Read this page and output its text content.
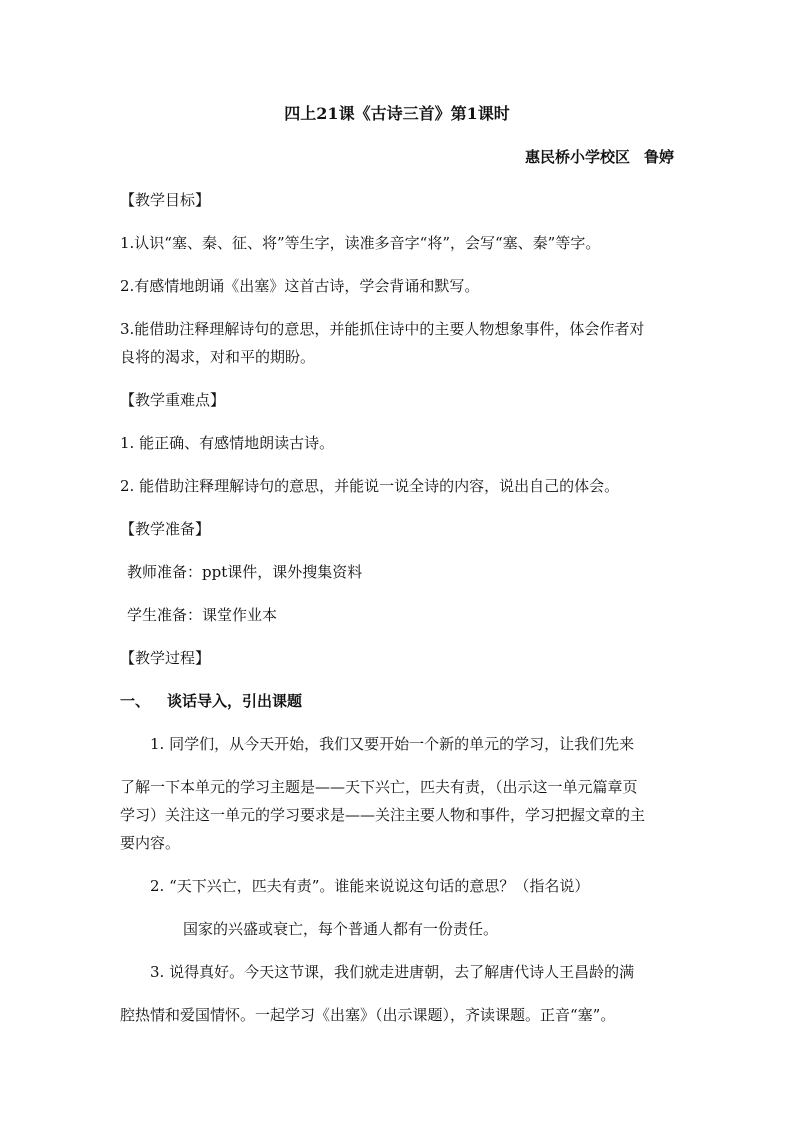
四上21课《古诗三首》第1课时
惠民桥小学校区 鲁婷
【教学目标】
1.认识“塞、秦、征、将”等生字，读准多音字“将”，会写“塞、秦”等字。
2.有感情地朗诵《出塞》这首古诗，学会背诵和默写。
3.能借助注释理解诗句的意思，并能抓住诗中的主要人物想象事件，体会作者对
良将的渴求，对和平的期盼。
【教学重难点】
1. 能正确、有感情地朗读古诗。
2. 能借助注释理解诗句的意思，并能说一说全诗的内容，说出自己的体会。
【教学准备】
教师准备：ppt课件，课外搜集资料
学生准备：课堂作业本
【教学过程】
一、 谈话导入，引出课题
1. 同学们，从今天开始，我们又要开始一个新的单元的学习，让我们先来
了解一下本单元的学习主题是——天下兴亡，匹夫有责，（出示这一单元篇章页
学习）关注这一单元的学习要求是——关注主要人物和事件，学习把握文章的主
要内容。
2. “天下兴亡，匹夫有责”。谁能来说说这句话的意思？（指名说）
国家的兴盛或衰亡，每个普通人都有一份责任。
3. 说得真好。今天这节课，我们就走进唐朝，去了解唐代诗人王昌龄的满
腔热情和爱国情怀。一起学习《出塞》（出示课题），齐读课题。正音“塞”。
